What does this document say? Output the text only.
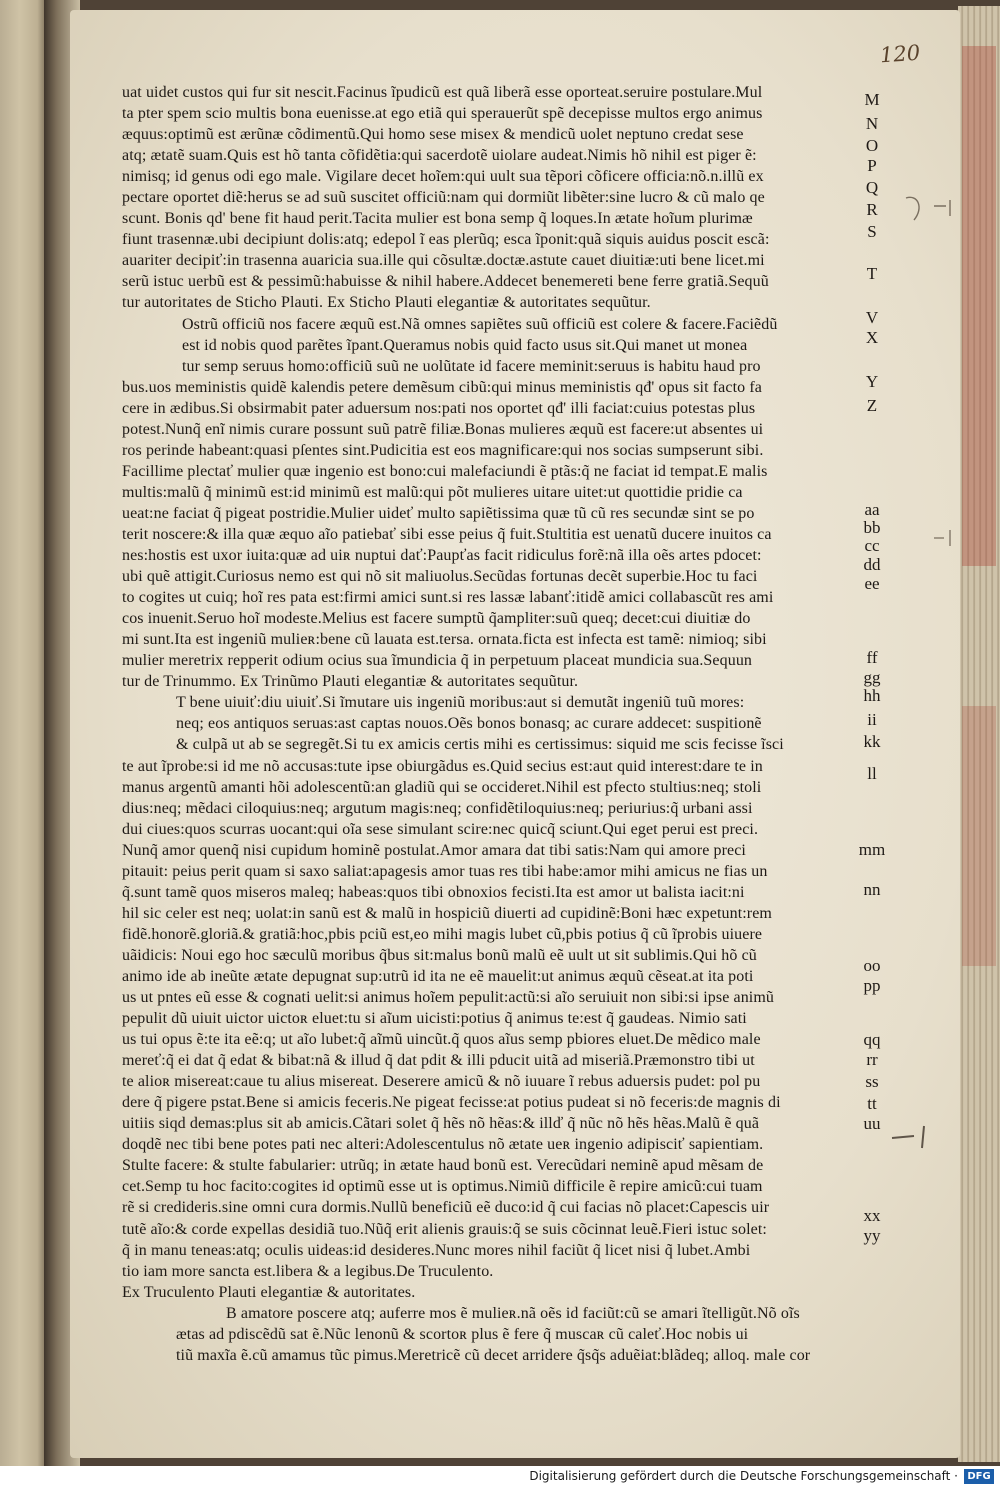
120
uat uidet custos qui fur sit nescit.Facinus ĩpudicũ est quã liberã esse oporteat.seruire postulare.Mul
ta pter spem scio multis bona euenisse.at ego etiã qui sperauerũt spẽ decepisse multos ergo animus
æquus:optimũ est ærũnæ cõdimentũ.Qui homo sese misex & mendicũ uolet neptuno credat sese
atq; ætatẽ suam.Quis est hõ tanta cõfidẽtia:qui sacerdotẽ uiolare audeat.Nimis hõ nihil est piger ẽ:
nimisq; id genus odi ego male. Vigilare decet hoĩem:qui uult sua tẽpori cõficere officia:nõ.n.illũ ex
pectare oportet diẽ:herus se ad suũ suscitet officiũ:nam qui dormiũt libẽter:sine lucro & cũ malo qe
scunt. Bonis qd' bene fit haud perit.Tacita mulier est bona semp q̃ loques.In ætate hoĩum plurimæ
fiunt trasennæ.ubi decipiunt dolis:atq; edepol ĩ eas plerũq; esca ĩponit:quã siquis auidus poscit escã:
auariter decipiť:in trasenna auaricia sua.ille qui cõsultæ.doctæ.astute cauet diuitiæ:uti bene licet.mi
serũ istuc uerbũ est & pessimũ:habuisse & nihil habere.Addecet benemereti bene ferre gratiã.Sequũ
tur autoritates de Sticho Plauti. Ex Sticho Plauti elegantiæ & autoritates sequũtur.
Ostrũ officiũ nos facere æquũ est.Nã omnes sapiẽtes suũ officiũ est colere & facere.Faciẽdũ
est id nobis quod parẽtes ĩpant.Queramus nobis quid facto usus sit.Qui manet ut monea
tur semp seruus homo:officiũ suũ ne uolũtate id facere meminit:seruus is habitu haud pro
bus.uos meministis quidẽ kalendis petere demẽsum cibũ:qui minus meministis qđ' opus sit facto fa
cere in ædibus.Si obsirmabit pater aduersum nos:pati nos oportet qđ' illi faciat:cuius potestas plus
potest.Nunq̃ enĩ nimis curare possunt suũ patrẽ filiæ.Bonas mulieres æquũ est facere:ut absentes ui
ros perinde habeant:quasi pſentes sint.Pudicitia est eos magnificare:qui nos socias sumpserunt sibi.
Facillime plectať mulier quæ ingenio est bono:cui malefaciundi ẽ ptãs:q̃ ne faciat id tempat.E malis
multis:malũ q̃ minimũ est:id minimũ est malũ:qui põt mulieres uitare uitet:ut quottidie pridie ca
ueat:ne faciat q̃ pigeat postridie.Mulier uideť multo sapiẽtissima quæ tũ cũ res secundæ sint se po
terit noscere:& illa quæ æquo aĩo patiebať sibi esse peius q̃ fuit.Stultitia est uenatũ ducere inuitos ca
nes:hostis est uxor iuita:quæ ad uiʀ nuptui dať:Paupťas facit ridiculus forẽ:nã illa oẽs artes pdocet:
ubi quẽ attigit.Curiosus nemo est qui nõ sit maliuolus.Secũdas fortunas decẽt superbie.Hoc tu faci
to cogites ut cuiq; hoĩ res pata est:firmi amici sunt.si res lassæ labanť:itidẽ amici collabascũt res ami
cos inuenit.Seruo hoĩ modeste.Melius est facere sumptũ q̃ampliter:suũ queq; decet:cui diuitiæ do
mi sunt.Ita est ingeniũ mulieʀ:bene cũ lauata est.tersa. ornata.ficta est infecta est tamẽ: nimioq; sibi
mulier meretrix repperit odium ocius sua ĩmundicia q̃ in perpetuum placeat mundicia sua.Sequun
tur de Trinummo. Ex Trinũmo Plauti elegantiæ & autoritates sequũtur.
T bene uiuiť:diu uiuiť.Si ĩmutare uis ingeniũ moribus:aut si demutãt ingeniũ tuũ mores:
neq; eos antiquos seruas:ast captas nouos.Oẽs bonos bonasq; ac curare addecet: suspitionẽ
& culpã ut ab se segregẽt.Si tu ex amicis certis mihi es certissimus: siquid me scis fecisse ĩsci
te aut ĩprobe:si id me nõ accusas:tute ipse obiurgãdus es.Quid secius est:aut quid interest:dare te in
manus argentũ amanti hõi adolescentũ:an gladiũ qui se occideret.Nihil est pfecto stultius:neq; stoli
dius:neq; mẽdaci ciloquius:neq; argutum magis:neq; confidẽtiloquius:neq; periurius:q̃ urbani assi
dui ciues:quos scurras uocant:qui oĩa sese simulant scire:nec quicq̃ sciunt.Qui eget perui est preci.
Nunq̃ amor quenq̃ nisi cupidum hominẽ postulat.Amor amara dat tibi satis:Nam qui amore preci
pitauit: peius perit quam si saxo saliat:apagesis amor tuas res tibi habe:amor mihi amicus ne fias un
q̃.sunt tamẽ quos miseros maleq; habeas:quos tibi obnoxios fecisti.Ita est amor ut balista iacit:ni
hil sic celer est neq; uolat:in sanũ est & malũ in hospiciũ diuerti ad cupidinẽ:Boni hæc expetunt:rem
fidẽ.honorẽ.gloriã.& gratiã:hoc,pbis pciũ est,eo mihi magis lubet cũ,pbis potius q̃ cũ ĩprobis uiuere
uãidicis: Noui ego hoc sæculũ moribus q̃bus sit:malus bonũ malũ eẽ uult ut sit sublimis.Qui hõ cũ
animo ide ab ineũte ætate depugnat sup:utrũ id ita ne eẽ mauelit:ut animus æquũ cẽseat.at ita poti
us ut pntes eũ esse & cognati uelit:si animus hoĩem pepulit:actũ:si aĩo seruiuit non sibi:si ipse animũ
pepulit dũ uiuit uictor uictoʀ eluet:tu si aĩum uicisti:potius q̃ animus te:est q̃ gaudeas. Nimio sati
us tui opus ẽ:te ita eẽ:q; ut aĩo lubet:q̃ aĩmũ uincũt.q̃ quos aĩus semp pbiores eluet.De mẽdico male
mereť:q̃ ei dat q̃ edat & bibat:nã & illud q̃ dat pdit & illi pducit uitã ad miseriã.Præmonstro tibi ut
te alioʀ misereat:caue tu alius misereat. Deserere amicũ & nõ iuuare ĩ rebus aduersis pudet: pol pu
dere q̃ pigere pstat.Bene si amicis feceris.Ne pigeat fecisse:at potius pudeat si nõ feceris:de magnis di
uitiis siqd demas:plus sit ab amicis.Cãtari solet q̃ hẽs nõ hẽas:& illď q̃ nũc nõ hẽs hẽas.Malũ ẽ quã
doqdẽ nec tibi bene potes pati nec alteri:Adolescentulus nõ ætate ueʀ ingenio adipisciť sapientiam.
Stulte facere: & stulte fabularier: utrũq; in ætate haud bonũ est. Verecũdari neminẽ apud mẽsam de
cet.Semp tu hoc facito:cogites id optimũ esse ut is optimus.Nimiũ difficile ẽ repire amicũ:cui tuam
rẽ si credideris.sine omni cura dormis.Nullũ beneficiũ eẽ duco:id q̃ cui facias nõ placet:Capescis uir
tutẽ aĩo:& corde expellas desidiã tuo.Nũq̃ erit alienis grauis:q̃ se suis cõcinnat leuẽ.Fieri istuc solet:
q̃ in manu teneas:atq; oculis uideas:id desideres.Nunc mores nihil faciũt q̃ licet nisi q̃ lubet.Ambi
tio iam more sancta est.libera & a legibus.De Truculento.
Ex Truculento Plauti elegantiæ & autoritates.
B amatore poscere atq; auferre mos ẽ mulieʀ.nã oẽs id faciũt:cũ se amari ĩtelligũt.Nõ oĩs
ætas ad pdiscẽdũ sat ẽ.Nũc lenonũ & scortoʀ plus ẽ fere q̃ muscaʀ cũ caleť.Hoc nobis ui
tiũ maxĩa ẽ.cũ amamus tũc pimus.Meretricẽ cũ decet arridere q̃sq̃s aduẽiat:blãdeq; alloq. male cor
M
N
O
P
Q
R
S
T
V
X
Y
Z
aa
bb
cc
dd
ee
ff
gg
hh
ii
kk
ll
mm
nn
oo
pp
qq
rr
ss
tt
uu
xx
yy
Digitalisierung gefördert durch die Deutsche Forschungsgemeinschaft · DFG
